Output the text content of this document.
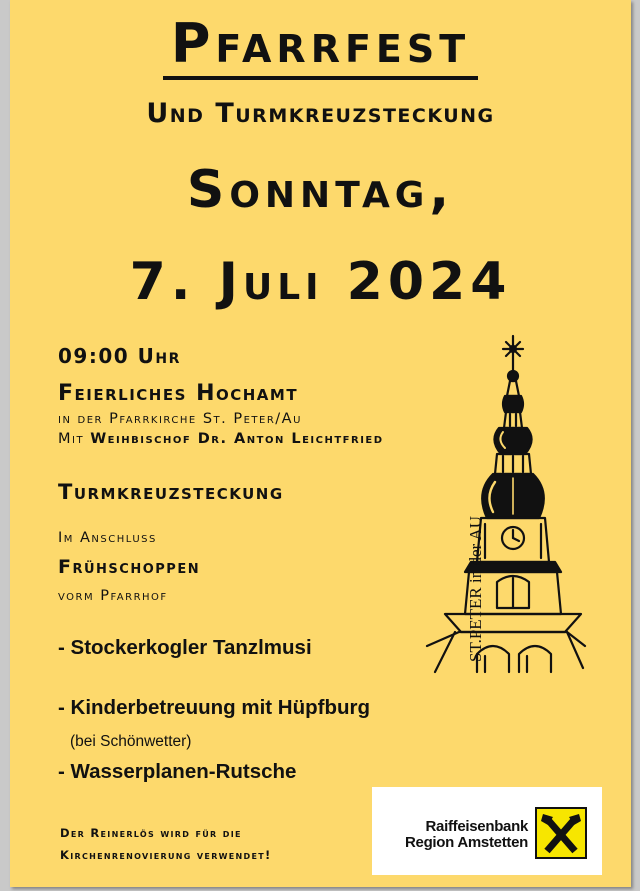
Pfarrfest
Und Turmkreuzsteckung
Sonntag,
7. Juli 2024
09:00 Uhr
Feierliches Hochamt
in der Pfarrkirche St. Peter/Au
Mit Weihbischof Dr. Anton Leichtfried
Turmkreuzsteckung
Im Anschluss
Frühschoppen
vorm Pfarrhof
- Stockerkogler Tanzlmusi
- Kinderbetreuung mit Hüpfburg
(bei Schönwetter)
- Wasserplanen-Rutsche
Der Reinerlös wird für die
Kirchenrenovierung verwendet!
ST.PETER in der AU
Raiffeisenbank
Region Amstetten
